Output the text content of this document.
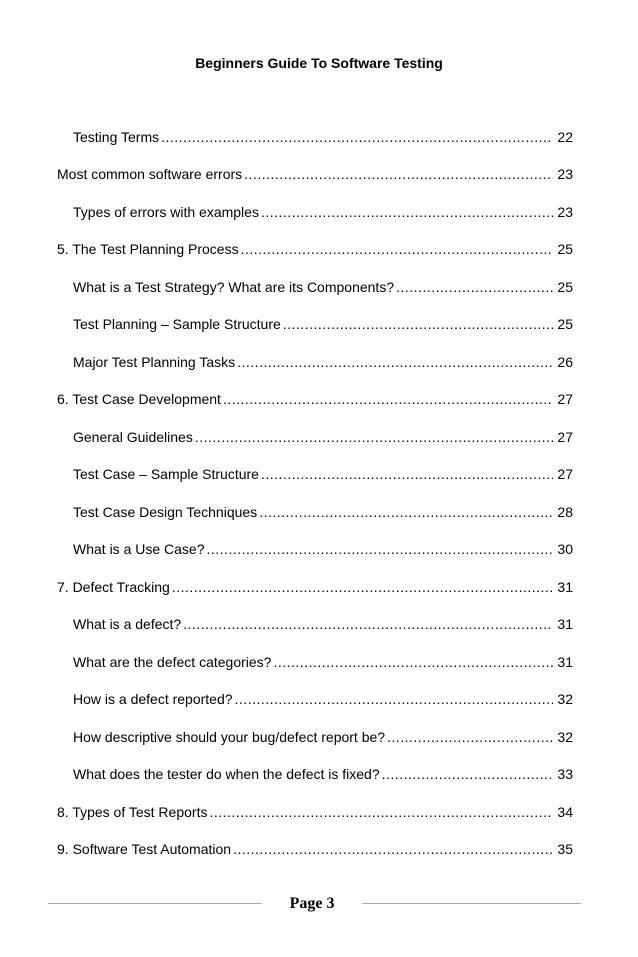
Beginners Guide To Software Testing
Testing Terms .....	22
Most common software errors .....	23
Types of errors with examples .....	23
5. The Test Planning Process .....	25
What is a Test Strategy? What are its Components? .....	25
Test Planning – Sample Structure .....	25
Major Test Planning Tasks .....	26
6. Test Case Development .....	27
General Guidelines .....	27
Test Case – Sample Structure .....	27
Test Case Design Techniques .....	28
What is a Use Case? .....	30
7. Defect Tracking .....	31
What is a defect? .....	31
What are the defect categories? .....	31
How is a defect reported? .....	32
How descriptive should your bug/defect report be? .....	32
What does the tester do when the defect is fixed? .....	33
8. Types of Test Reports .....	34
9. Software Test Automation .....	35
Page 3
